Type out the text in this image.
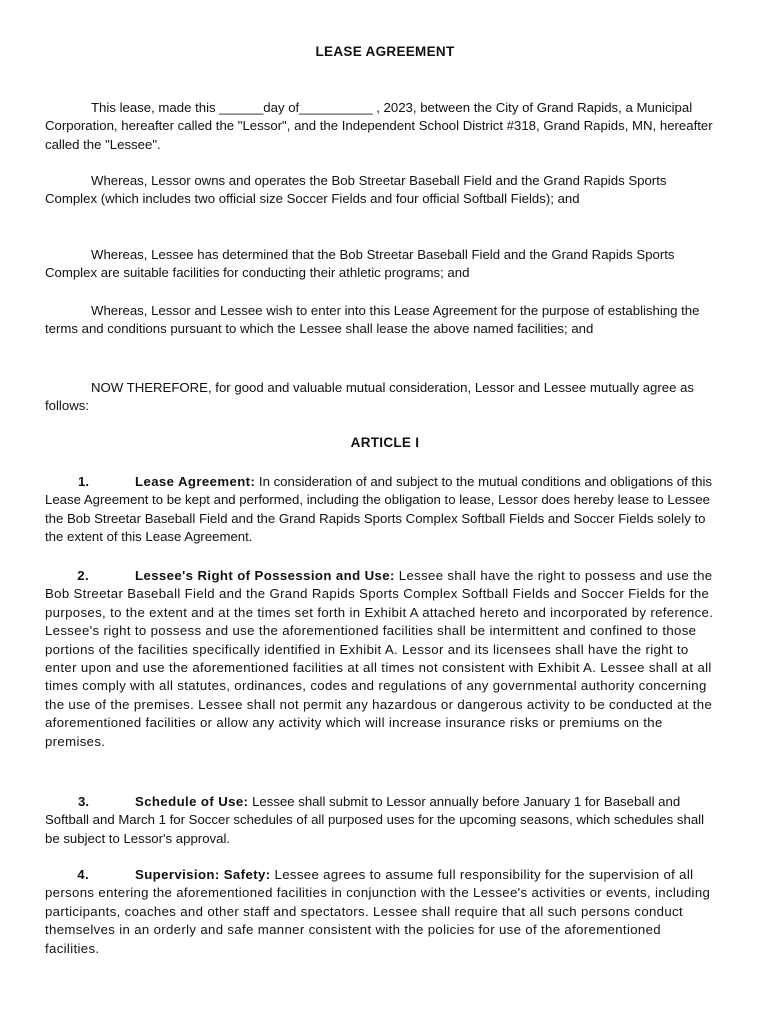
LEASE AGREEMENT

This lease, made this ______day of__________ , 2023, between the City of Grand Rapids, a Municipal Corporation, hereafter called the "Lessor", and the Independent School District #318, Grand Rapids, MN, hereafter called the "Lessee".

Whereas, Lessor owns and operates the Bob Streetar Baseball Field and the Grand Rapids Sports Complex (which includes two official size Soccer Fields and four official Softball Fields); and

Whereas, Lessee has determined that the Bob Streetar Baseball Field and the Grand Rapids Sports Complex are suitable facilities for conducting their athletic programs; and

Whereas, Lessor and Lessee wish to enter into this Lease Agreement for the purpose of establishing the terms and conditions pursuant to which the Lessee shall lease the above named facilities; and

NOW THEREFORE, for good and valuable mutual consideration, Lessor and Lessee mutually agree as follows:

ARTICLE I

1.	Lease Agreement: In consideration of and subject to the mutual conditions and obligations of this Lease Agreement to be kept and performed, including the obligation to lease, Lessor does hereby lease to Lessee the Bob Streetar Baseball Field and the Grand Rapids Sports Complex Softball Fields and Soccer Fields solely to the extent of this Lease Agreement.

2.	Lessee's Right of Possession and Use: Lessee shall have the right to possess and use the Bob Streetar Baseball Field and the Grand Rapids Sports Complex Softball Fields and Soccer Fields for the purposes, to the extent and at the times set forth in Exhibit A attached hereto and incorporated by reference. Lessee's right to possess and use the aforementioned facilities shall be intermittent and confined to those portions of the facilities specifically identified in Exhibit A. Lessor and its licensees shall have the right to enter upon and use the aforementioned facilities at all times not consistent with Exhibit A. Lessee shall at all times comply with all statutes, ordinances, codes and regulations of any governmental authority concerning the use of the premises. Lessee shall not permit any hazardous or dangerous activity to be conducted at the aforementioned facilities or allow any activity which will increase insurance risks or premiums on the premises.

3.	Schedule of Use: Lessee shall submit to Lessor annually before January 1 for Baseball and Softball and March 1 for Soccer schedules of all purposed uses for the upcoming seasons, which schedules shall be subject to Lessor's approval.

4.	Supervision: Safety: Lessee agrees to assume full responsibility for the supervision of all persons entering the aforementioned facilities in conjunction with the Lessee's activities or events, including participants, coaches and other staff and spectators. Lessee shall require that all such persons conduct themselves in an orderly and safe manner consistent with the policies for use of the aforementioned facilities.
